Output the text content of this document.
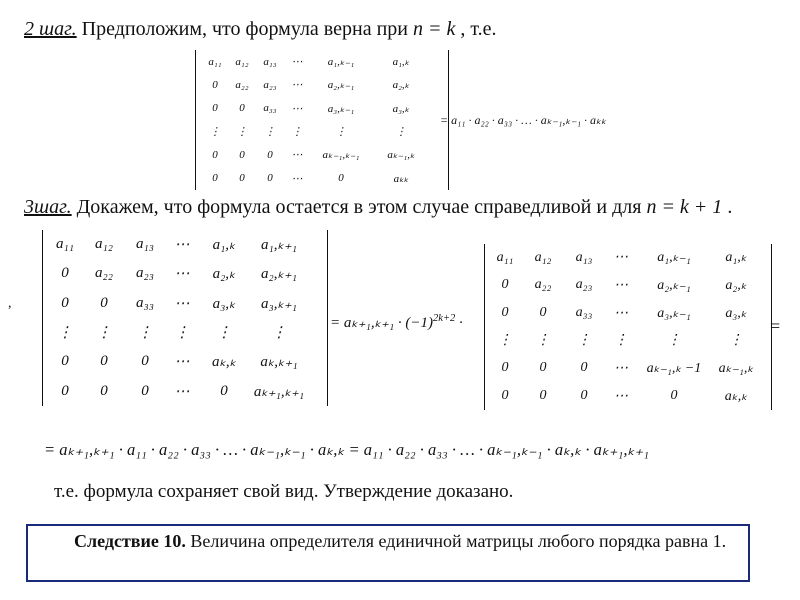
2 шаг. Предположим, что формула верна при n = k , т.е.
a₁₁ a₁₂ a₁₃ ⋯ a₁,ₖ₋₁	a₁,ₖ
0 a₂₂ a₂₃ ⋯ a₂,ₖ₋₁	a₂,ₖ
0 0 a₃₃ ⋯ a₃,ₖ₋₁	a₃,ₖ
⋮ ⋮ ⋮ ⋮	⋮	⋮
0 0 0 ⋯ aₖ₋₁,ₖ₋₁	aₖ₋₁,ₖ
0 0 0 ⋯	0	aₖₖ
= a₁₁ · a₂₂ · a₃₃ · … · aₖ₋₁,ₖ₋₁ · aₖₖ
3шаг. Докажем, что формула остается в этом случае справедливой и для n = k + 1 .
a₁₁ a₁₂ a₁₃ ⋯ a₁,ₖ a₁,ₖ₊₁
0 a₂₂ a₂₃ ⋯ a₂,ₖ a₂,ₖ₊₁
0 0 a₃₃ ⋯ a₃,ₖ a₃,ₖ₊₁
⋮ ⋮ ⋮ ⋮ ⋮	⋮
0 0 0 ⋯ aₖ,ₖ aₖ,ₖ₊₁
0 0 0 ⋯ 0 aₖ₊₁,ₖ₊₁
,
= $a_{k+1},_{k+1} \cdot (-1)^{2k+2}$ ·
a₁₁ a₁₂ a₁₃ ⋯ a₁,ₖ₋₁ a₁,ₖ
0 a₂₂ a₂₃ ⋯ a₂,ₖ₋₁ a₂,ₖ
0 0 a₃₃ ⋯ a₃,ₖ₋₁ a₃,ₖ
⋮ ⋮ ⋮ ⋮	⋮	⋮
0 0 0 ⋯ aₖ₋₁,ₖ −1 aₖ₋₁,ₖ
0 0 0 ⋯	0	aₖ,ₖ
=
= aₖ₊₁,ₖ₊₁ · a₁₁ · a₂₂ · a₃₃ · … · aₖ₋₁,ₖ₋₁ · aₖ,ₖ = a₁₁ · a₂₂ · a₃₃ · … · aₖ₋₁,ₖ₋₁ · aₖ,ₖ · aₖ₊₁,ₖ₊₁
т.е. формула сохраняет свой вид. Утверждение доказано.
Следствие 10. Величина определителя единичной матрицы любого порядка равна 1.
